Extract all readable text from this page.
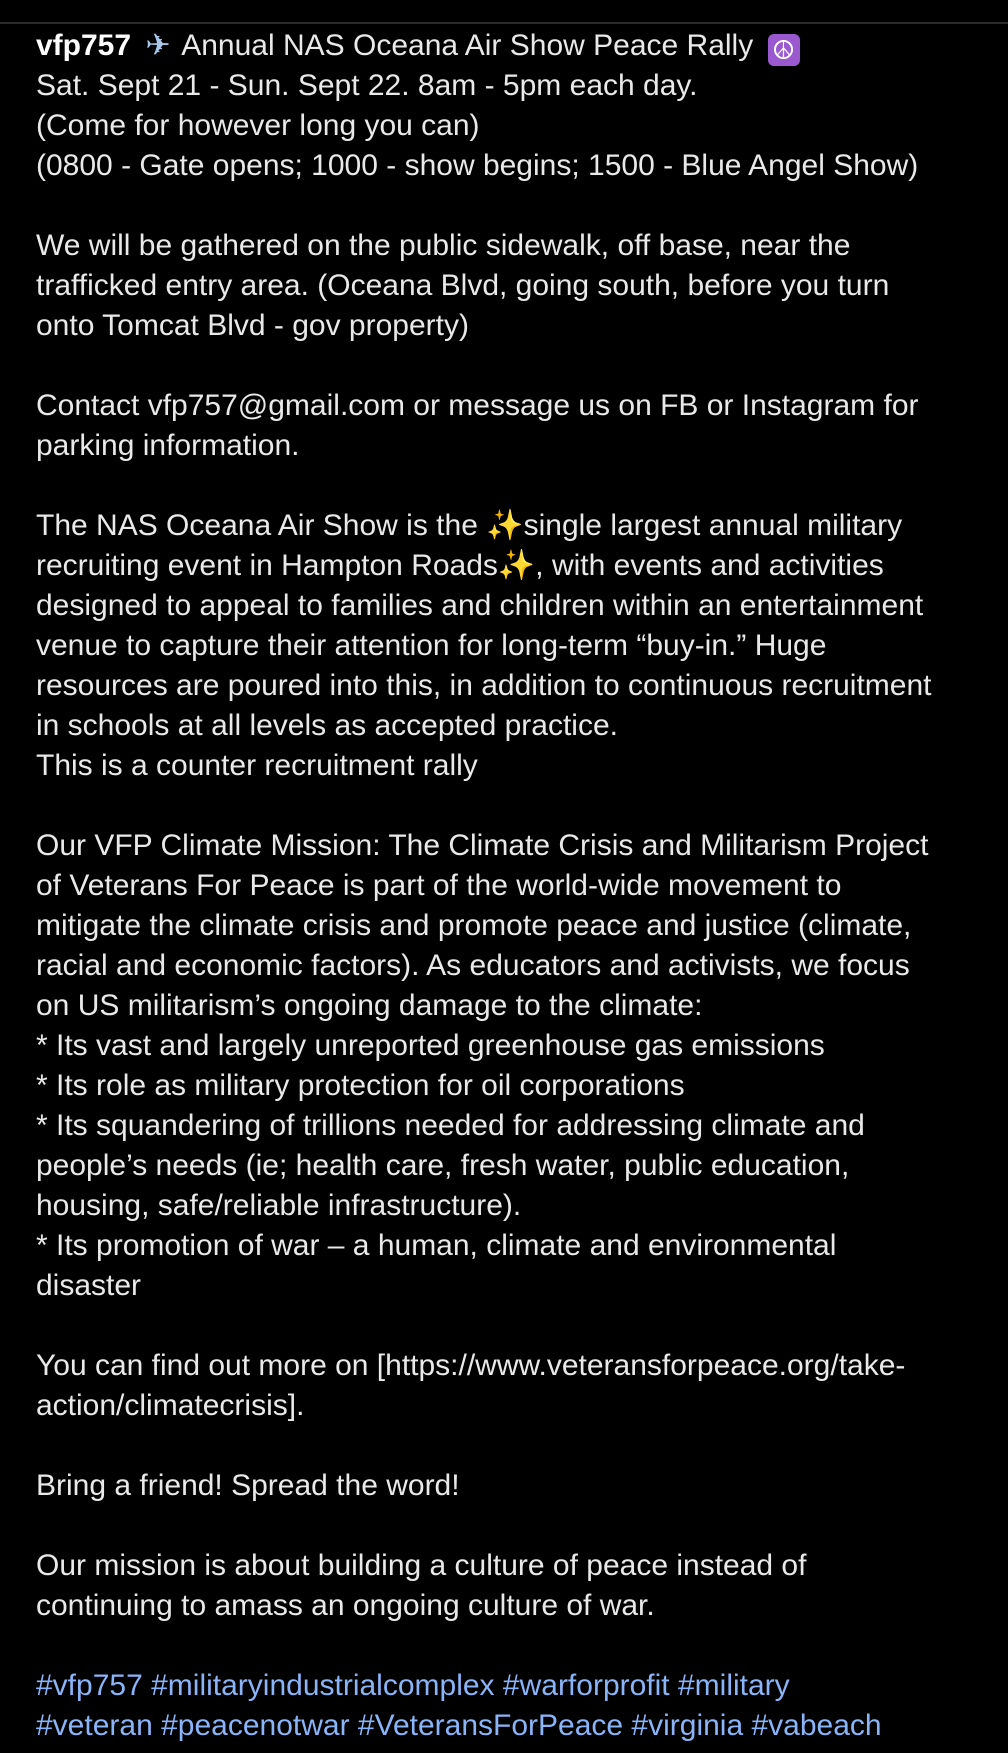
vfp757 ✈ Annual NAS Oceana Air Show Peace Rally ☮
Sat. Sept 21 - Sun. Sept 22. 8am - 5pm each day.
(Come for however long you can)
(0800 - Gate opens; 1000 - show begins; 1500 - Blue Angel Show)
We will be gathered on the public sidewalk, off base, near the
trafficked entry area. (Oceana Blvd, going south, before you turn
onto Tomcat Blvd - gov property)
Contact vfp757@gmail.com or message us on FB or Instagram for
parking information.
The NAS Oceana Air Show is the ✨single largest annual military
recruiting event in Hampton Roads✨, with events and activities
designed to appeal to families and children within an entertainment
venue to capture their attention for long-term “buy-in.” Huge
resources are poured into this, in addition to continuous recruitment
in schools at all levels as accepted practice.
This is a counter recruitment rally
Our VFP Climate Mission: The Climate Crisis and Militarism Project
of Veterans For Peace is part of the world-wide movement to
mitigate the climate crisis and promote peace and justice (climate,
racial and economic factors). As educators and activists, we focus
on US militarism’s ongoing damage to the climate:
* Its vast and largely unreported greenhouse gas emissions
* Its role as military protection for oil corporations
* Its squandering of trillions needed for addressing climate and
people’s needs (ie; health care, fresh water, public education,
housing, safe/reliable infrastructure).
* Its promotion of war – a human, climate and environmental
disaster
You can find out more on [https://www.veteransforpeace.org/take-
action/climatecrisis].
Bring a friend! Spread the word!
Our mission is about building a culture of peace instead of
continuing to amass an ongoing culture of war.
#vfp757 #militaryindustrialcomplex #warforprofit #military
#veteran #peacenotwar #VeteransForPeace #virginia #vabeach
